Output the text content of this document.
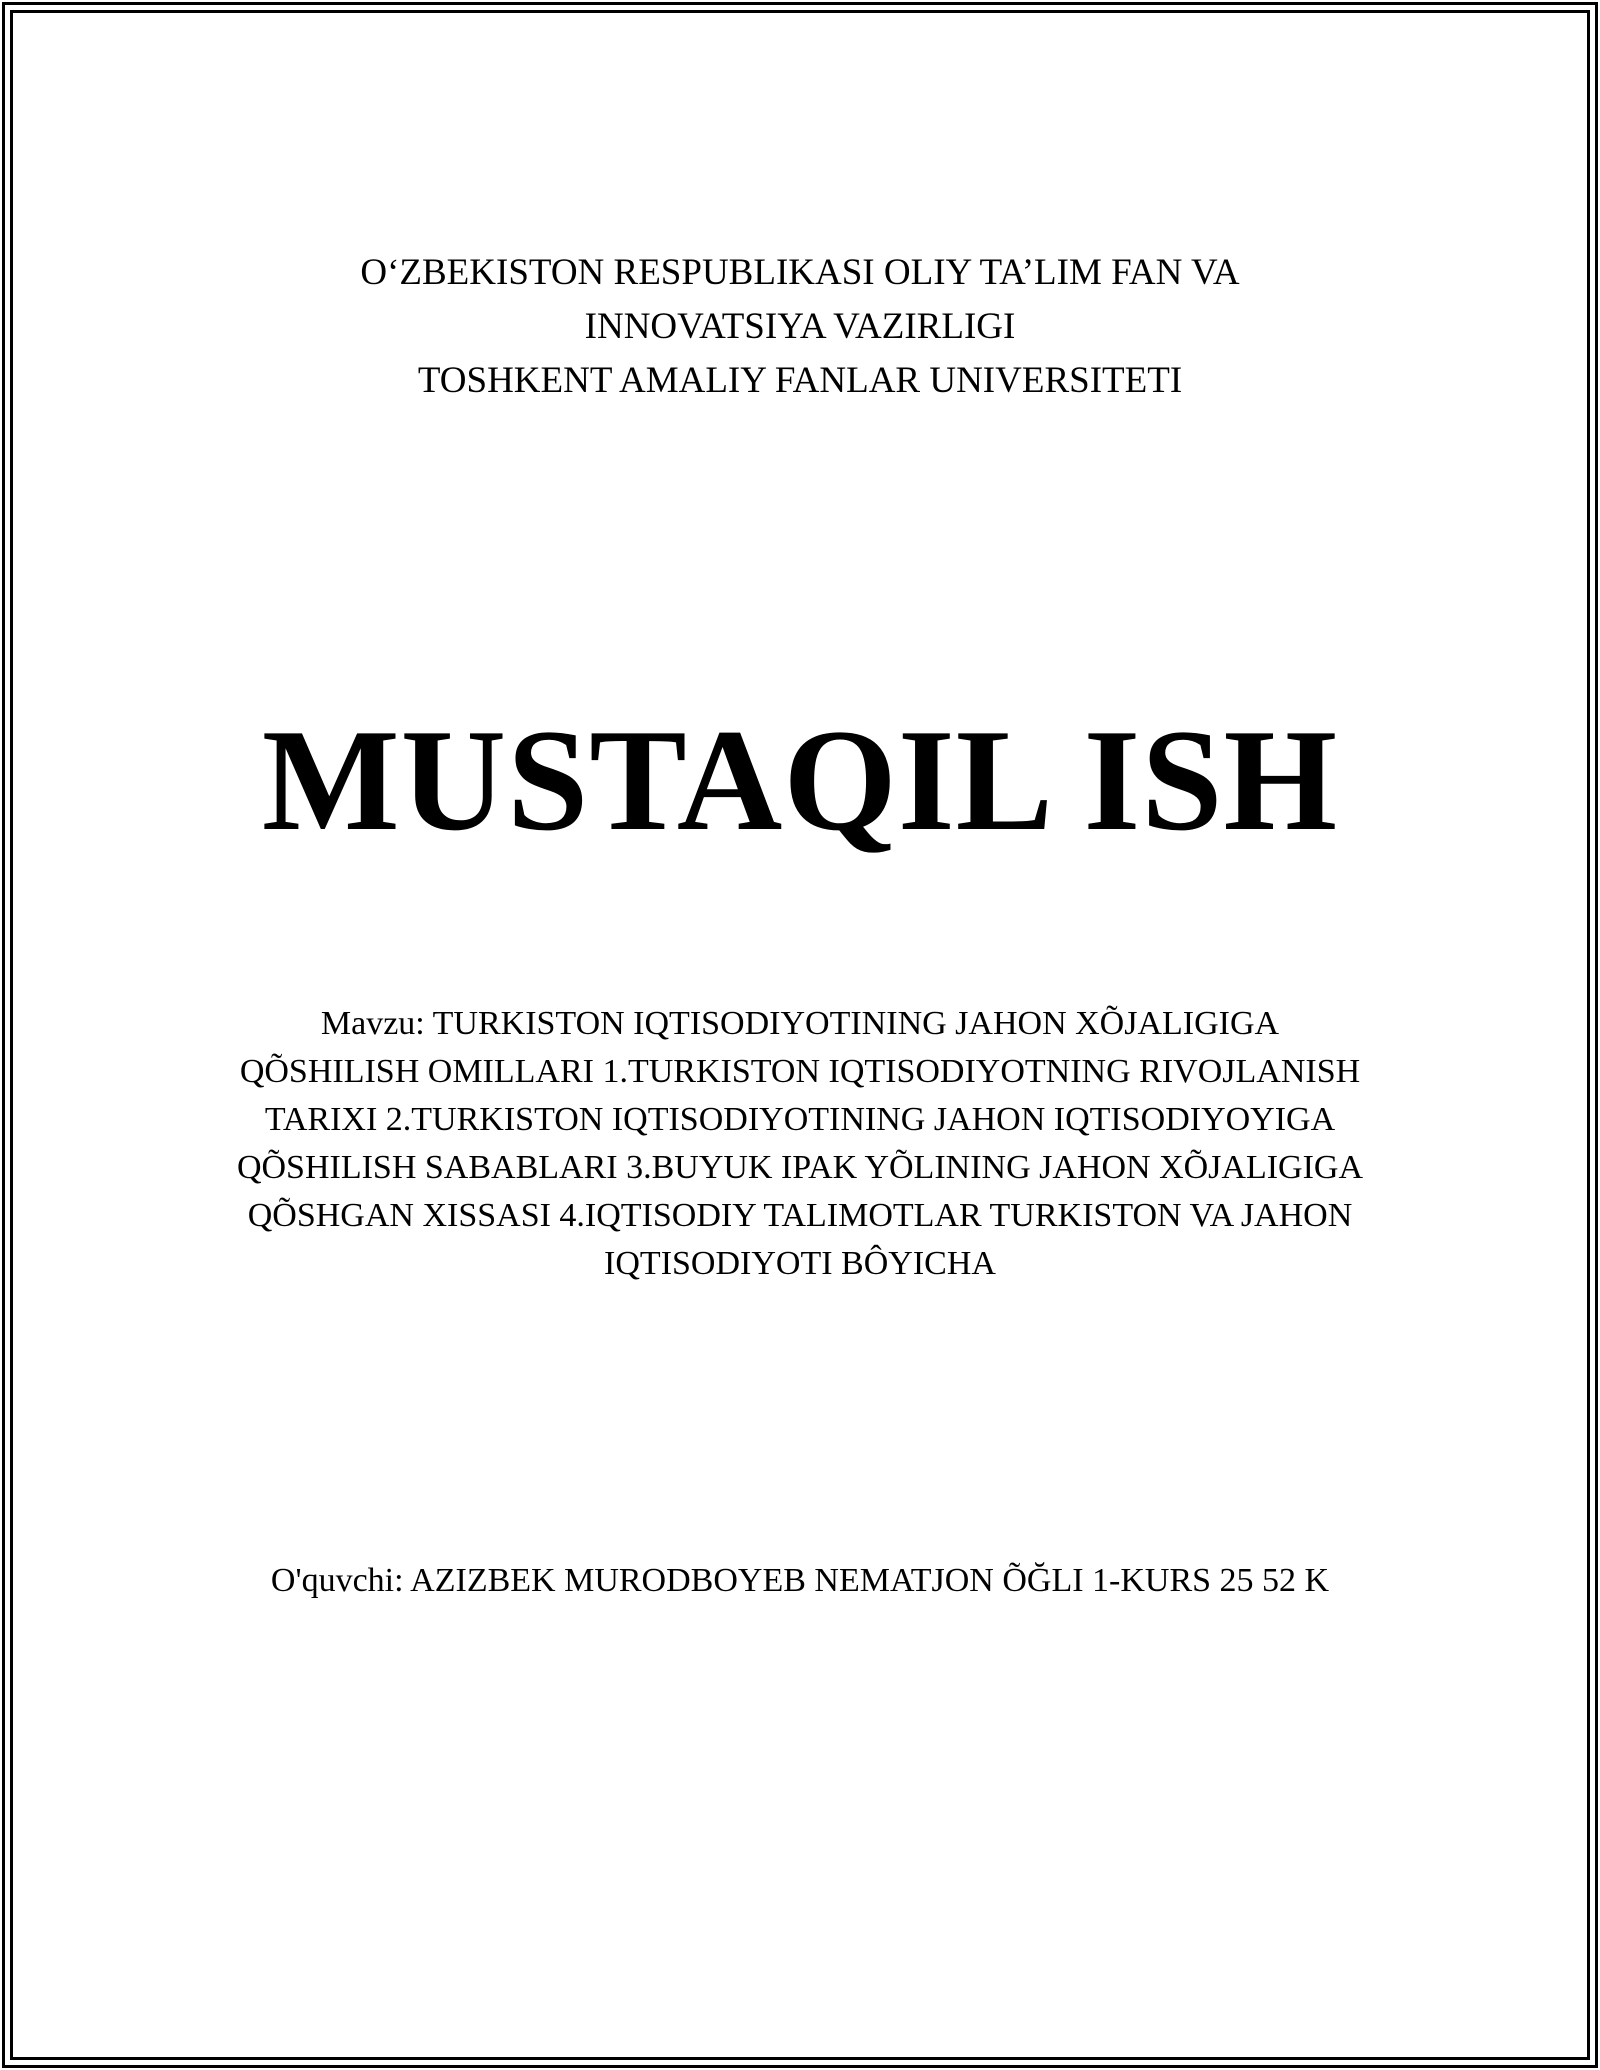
O‘ZBEKISTON RESPUBLIKASI OLIY TA’LIM FAN VA
INNOVATSIYA VAZIRLIGI
TOSHKENT AMALIY FANLAR UNIVERSITETI
MUSTAQIL ISH
Mavzu: TURKISTON IQTISODIYOTINING JAHON XÕJALIGIGA QÕSHILISH OMILLARI 1.TURKISTON IQTISODIYOTNING RIVOJLANISH TARIXI 2.TURKISTON IQTISODIYOTINING JAHON IQTISODIYOYIGA QÕSHILISH SABABLARI 3.BUYUK IPAK YÕLINING JAHON XÕJALIGIGA QÕSHGAN XISSASI 4.IQTISODIY TALIMOTLAR TURKISTON VA JAHON IQTISODIYOTI BÔYICHA
O'quvchi: AZIZBEK MURODBOYEB NEMATJON ÕĞLI 1-KURS 25 52 K
